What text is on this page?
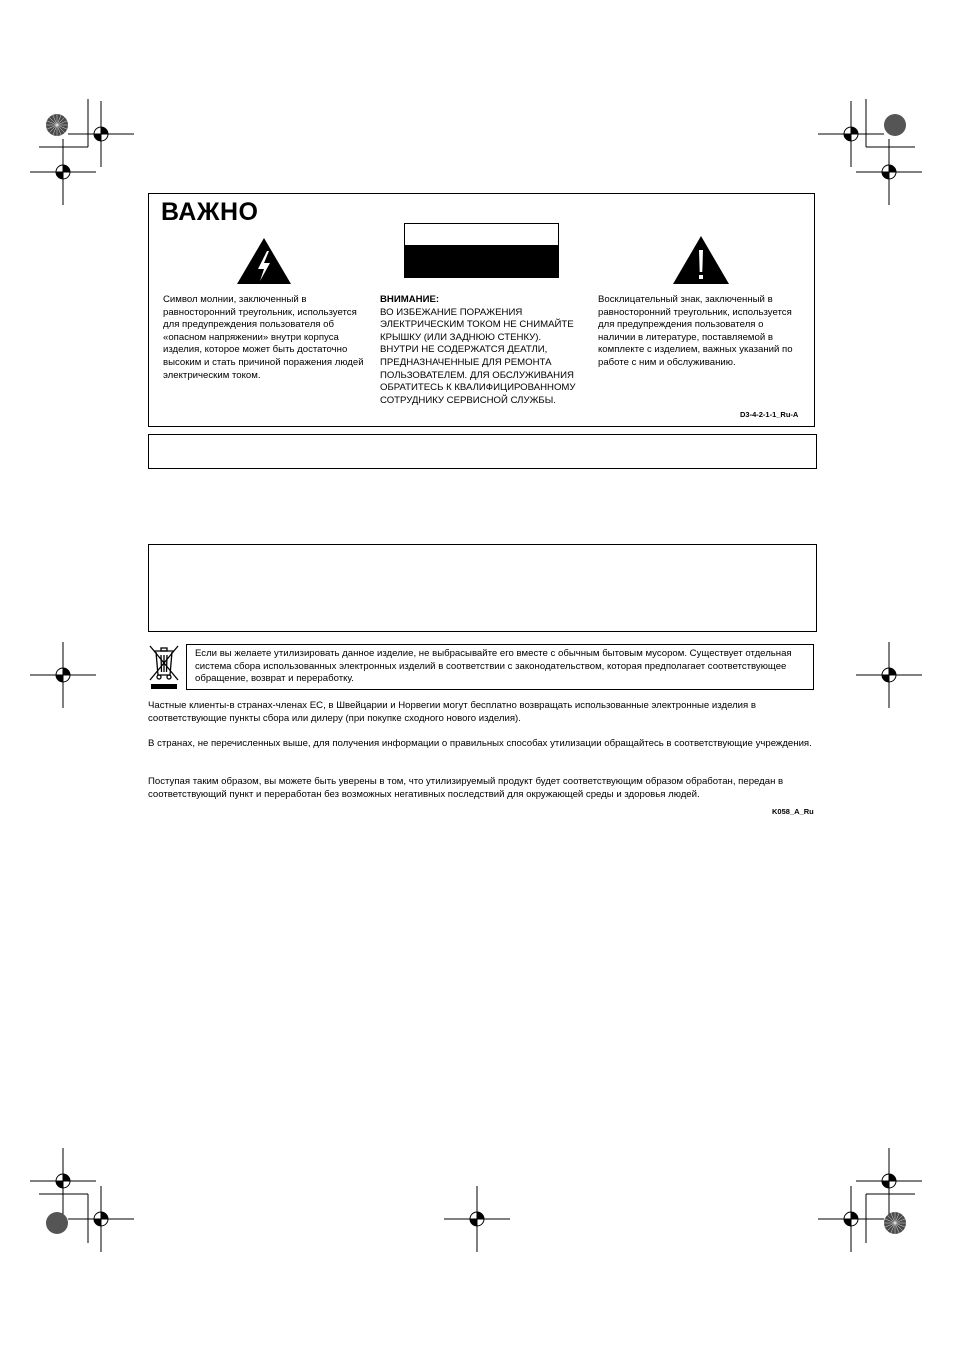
ВАЖНО
Символ молнии, заключенный в равносторонний треугольник, используется для предупреждения пользователя об «опасном напряжении» внутри корпуса изделия, которое может быть достаточно высоким и стать причиной поражения людей электрическим током.
ВНИМАНИЕ:
ВО ИЗБЕЖАНИЕ ПОРАЖЕНИЯ ЭЛЕКТРИЧЕСКИМ ТОКОМ НЕ СНИМАЙТЕ КРЫШКУ (ИЛИ ЗАДНЮЮ СТЕНКУ). ВНУТРИ НЕ СОДЕРЖАТСЯ ДЕАТЛИ, ПРЕДНАЗНАЧЕННЫЕ ДЛЯ РЕМОНТА ПОЛЬЗОВАТЕЛЕМ. ДЛЯ ОБСЛУЖИВАНИЯ ОБРАТИТЕСЬ К КВАЛИФИЦИРОВАННОМУ СОТРУДНИКУ СЕРВИСНОЙ СЛУЖБЫ.
Восклицательный знак, заключенный в равносторонний треугольник, используется для предупреждения пользователя о наличии в литературе, поставляемой в комплекте с изделием, важных указаний по работе с ним и обслуживанию.
D3-4-2-1-1_Ru-A
Если вы желаете утилизировать данное изделие, не выбрасывайте его вместе с обычным бытовым мусором. Существует отдельная система сбора использованных электронных изделий в соответствии с законодательством, которая предполагает соответствующее обращение, возврат и переработку.
Частные клиенты-в странах-членах ЕС, в Швейцарии и Норвегии могут бесплатно возвращать использованные электронные изделия в соответствующие пункты сбора или дилеру (при покупке сходного нового изделия).
В странах, не перечисленных выше, для получения информации о правильных способах утилизации обращайтесь в соответствующие учреждения.
Поступая таким образом, вы можете быть уверены в том, что утилизируемый продукт будет соответствующим образом обработан, передан в соответствующий пункт и переработан без возможных негативных последствий для окружающей среды и здоровья людей.
K058_A_Ru
